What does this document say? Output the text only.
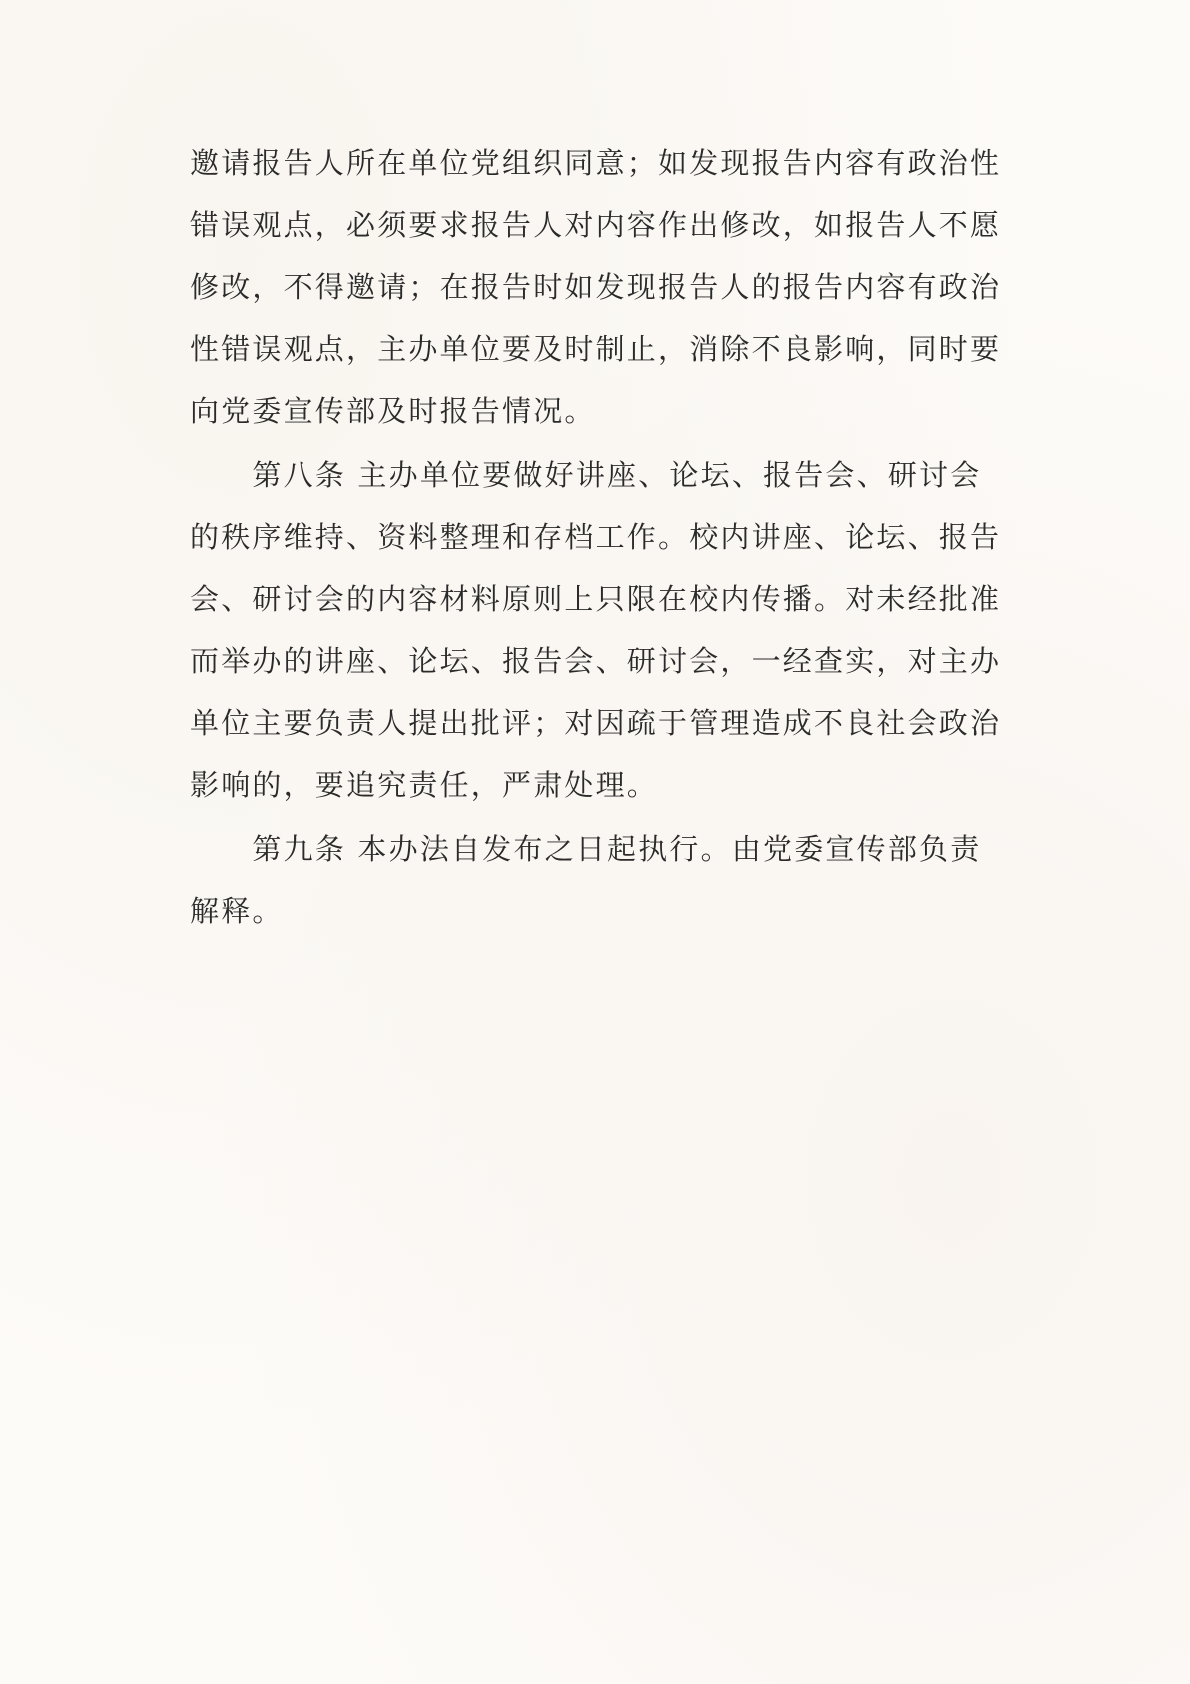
邀请报告人所在单位党组织同意；如发现报告内容有政治性
错误观点，必须要求报告人对内容作出修改，如报告人不愿
修改，不得邀请；在报告时如发现报告人的报告内容有政治
性错误观点，主办单位要及时制止，消除不良影响，同时要
向党委宣传部及时报告情况。
　　第八条 主办单位要做好讲座、论坛、报告会、研讨会
的秩序维持、资料整理和存档工作。校内讲座、论坛、报告
会、研讨会的内容材料原则上只限在校内传播。对未经批准
而举办的讲座、论坛、报告会、研讨会，一经查实，对主办
单位主要负责人提出批评；对因疏于管理造成不良社会政治
影响的，要追究责任，严肃处理。
　　第九条 本办法自发布之日起执行。由党委宣传部负责
解释。
